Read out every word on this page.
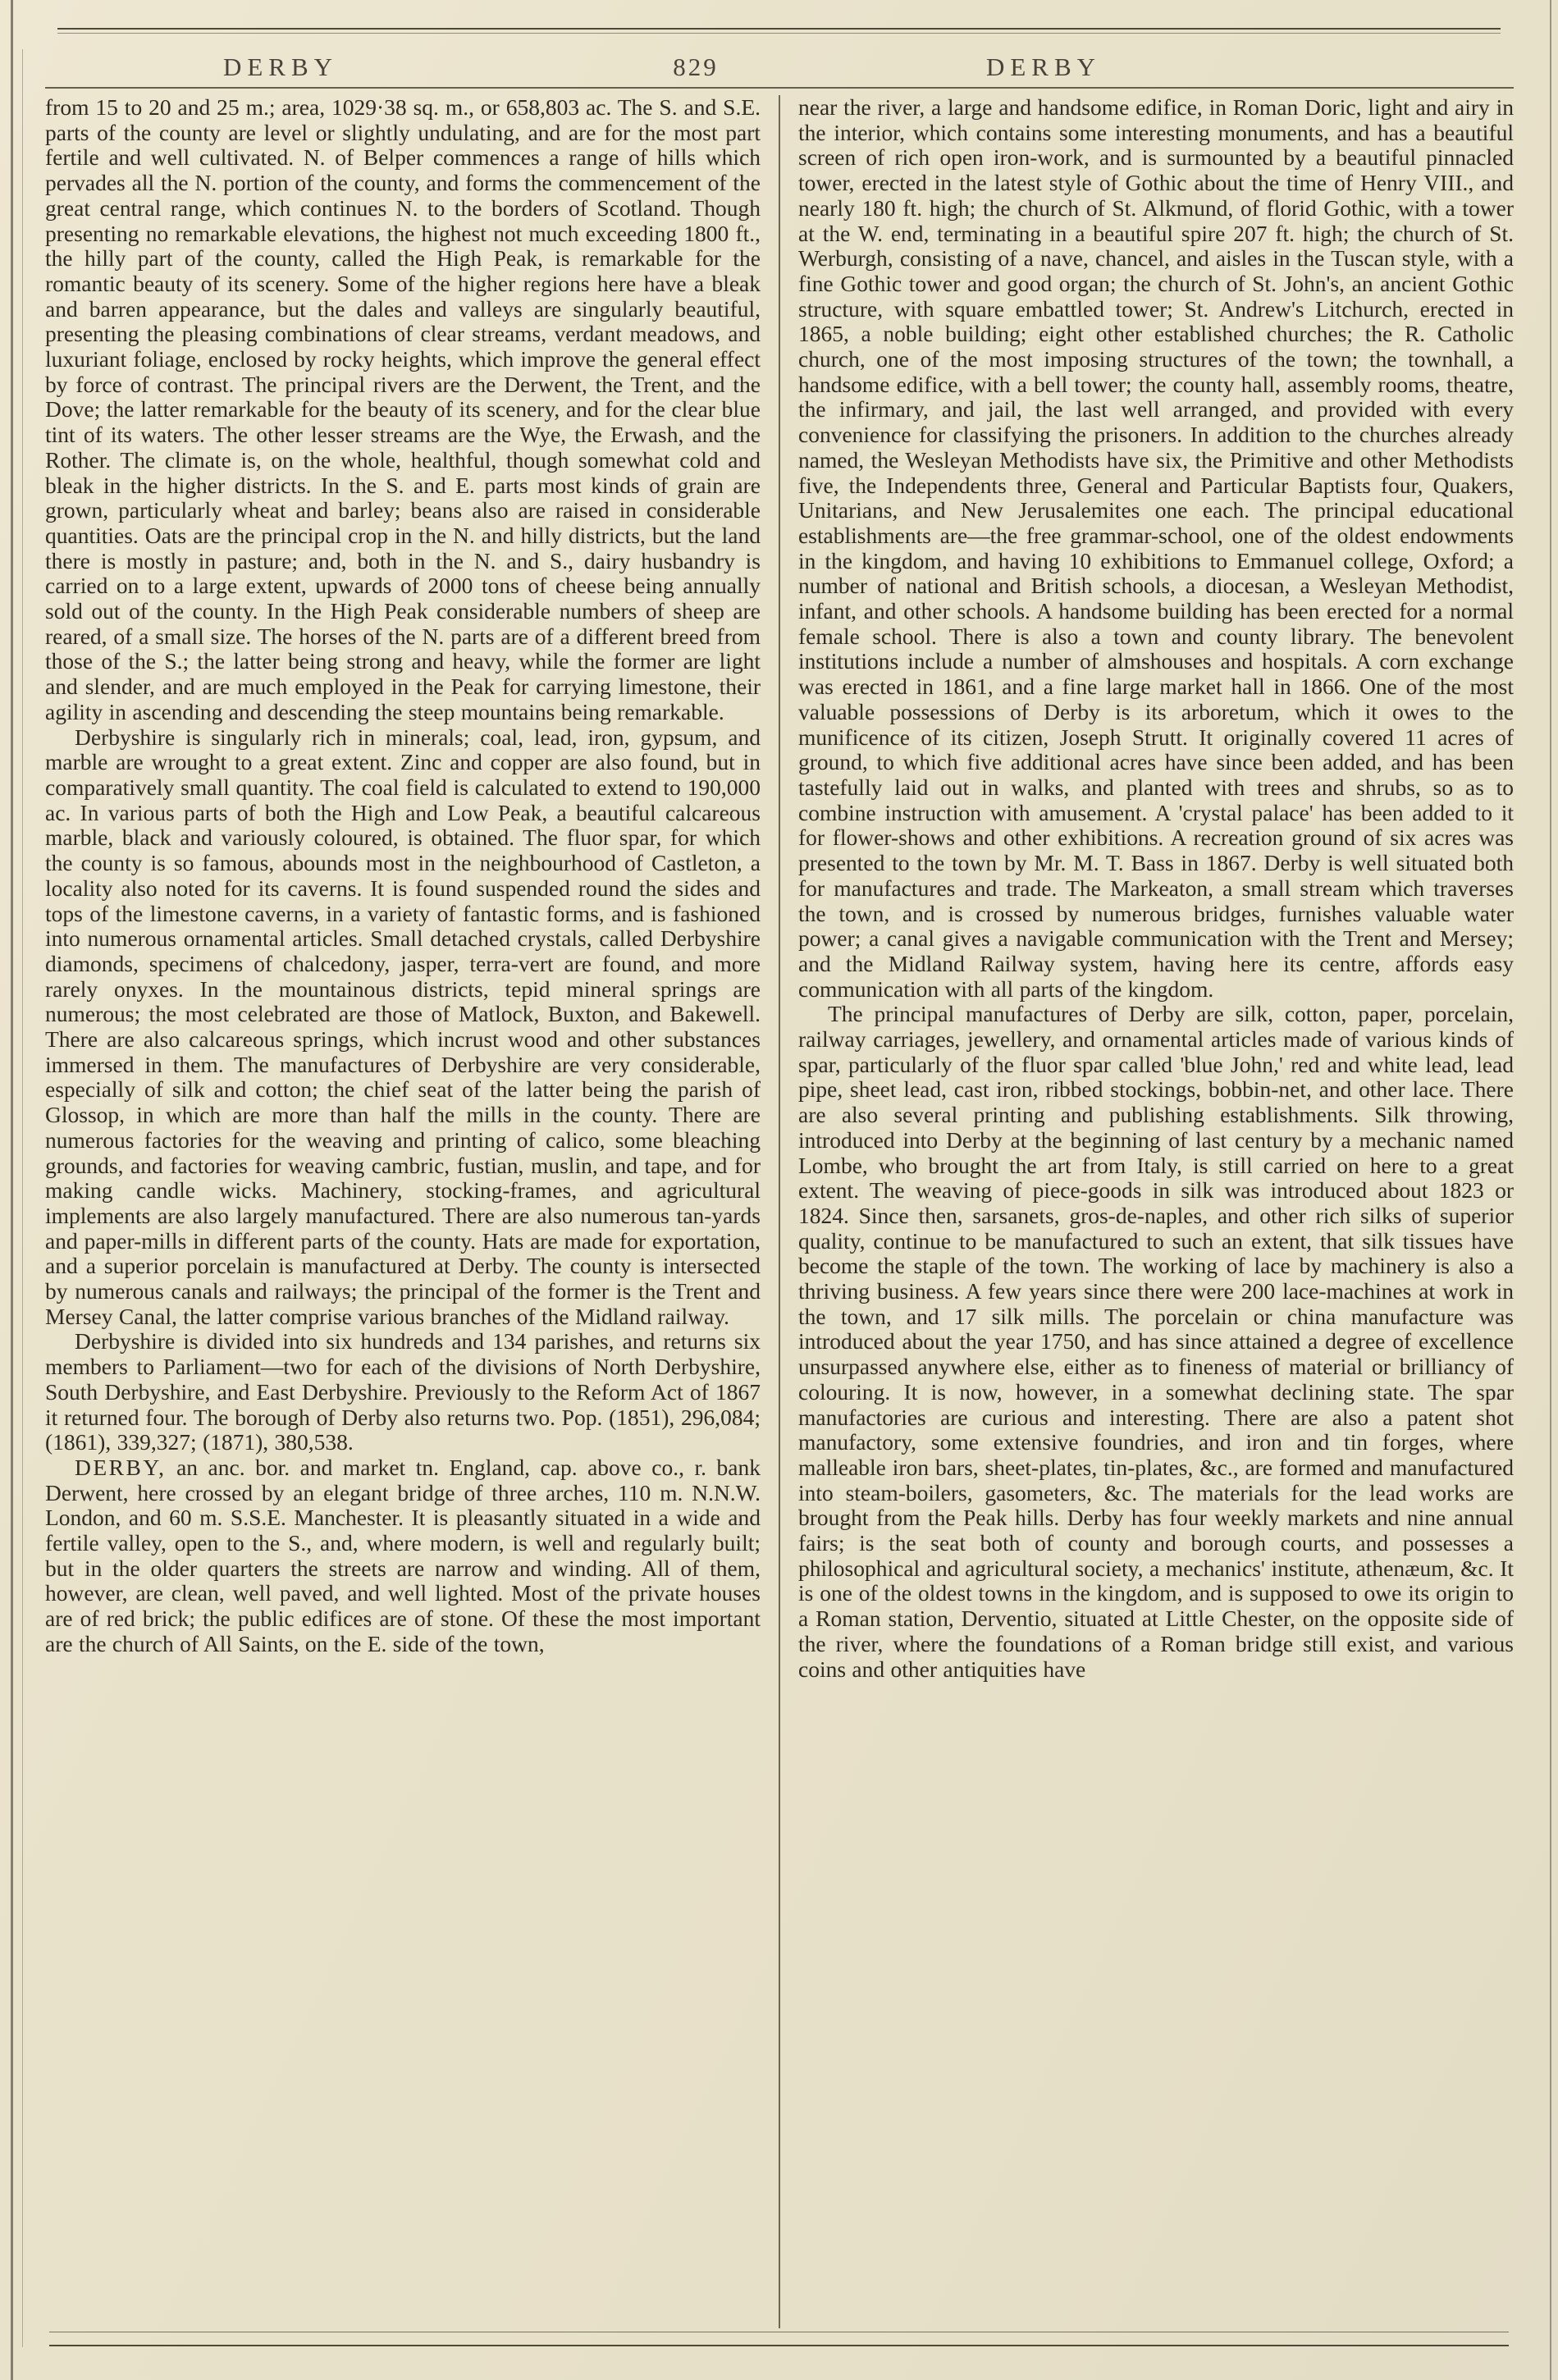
DERBY	829	DERBY

from 15 to 20 and 25 m.; area, 1029·38 sq. m., or 658,803 ac. The S. and S.E. parts of the county are level or slightly undulating, and are for the most part fertile and well cultivated. N. of Belper commences a range of hills which pervades all the N. portion of the county, and forms the commencement of the great central range, which continues N. to the borders of Scotland. Though presenting no remarkable elevations, the highest not much exceeding 1800 ft., the hilly part of the county, called the High Peak, is remarkable for the romantic beauty of its scenery. Some of the higher regions here have a bleak and barren appearance, but the dales and valleys are singularly beautiful, presenting the pleasing combinations of clear streams, verdant meadows, and luxuriant foliage, enclosed by rocky heights, which improve the general effect by force of contrast. The principal rivers are the Derwent, the Trent, and the Dove; the latter remarkable for the beauty of its scenery, and for the clear blue tint of its waters. The other lesser streams are the Wye, the Erwash, and the Rother. The climate is, on the whole, healthful, though somewhat cold and bleak in the higher districts. In the S. and E. parts most kinds of grain are grown, particularly wheat and barley; beans also are raised in considerable quantities. Oats are the principal crop in the N. and hilly districts, but the land there is mostly in pasture; and, both in the N. and S., dairy husbandry is carried on to a large extent, upwards of 2000 tons of cheese being annually sold out of the county. In the High Peak considerable numbers of sheep are reared, of a small size. The horses of the N. parts are of a different breed from those of the S.; the latter being strong and heavy, while the former are light and slender, and are much employed in the Peak for carrying limestone, their agility in ascending and descending the steep mountains being remarkable.

Derbyshire is singularly rich in minerals; coal, lead, iron, gypsum, and marble are wrought to a great extent. Zinc and copper are also found, but in comparatively small quantity. The coal field is calculated to extend to 190,000 ac. In various parts of both the High and Low Peak, a beautiful calcareous marble, black and variously coloured, is obtained. The fluor spar, for which the county is so famous, abounds most in the neighbourhood of Castleton, a locality also noted for its caverns. It is found suspended round the sides and tops of the limestone caverns, in a variety of fantastic forms, and is fashioned into numerous ornamental articles. Small detached crystals, called Derbyshire diamonds, specimens of chalcedony, jasper, terra-vert are found, and more rarely onyxes. In the mountainous districts, tepid mineral springs are numerous; the most celebrated are those of Matlock, Buxton, and Bakewell. There are also calcareous springs, which incrust wood and other substances immersed in them. The manufactures of Derbyshire are very considerable, especially of silk and cotton; the chief seat of the latter being the parish of Glossop, in which are more than half the mills in the county. There are numerous factories for the weaving and printing of calico, some bleaching grounds, and factories for weaving cambric, fustian, muslin, and tape, and for making candle wicks. Machinery, stocking-frames, and agricultural implements are also largely manufactured. There are also numerous tan-yards and paper-mills in different parts of the county. Hats are made for exportation, and a superior porcelain is manufactured at Derby. The county is intersected by numerous canals and railways; the principal of the former is the Trent and Mersey Canal, the latter comprise various branches of the Midland railway.

Derbyshire is divided into six hundreds and 134 parishes, and returns six members to Parliament—two for each of the divisions of North Derbyshire, South Derbyshire, and East Derbyshire. Previously to the Reform Act of 1867 it returned four. The borough of Derby also returns two. Pop. (1851), 296,084; (1861), 339,327; (1871), 380,538.

DERBY, an anc. bor. and market tn. England, cap. above co., r. bank Derwent, here crossed by an elegant bridge of three arches, 110 m. N.N.W. London, and 60 m. S.S.E. Manchester. It is pleasantly situated in a wide and fertile valley, open to the S., and, where modern, is well and regularly built; but in the older quarters the streets are narrow and winding. All of them, however, are clean, well paved, and well lighted. Most of the private houses are of red brick; the public edifices are of stone. Of these the most important are the church of All Saints, on the E. side of the town,

near the river, a large and handsome edifice, in Roman Doric, light and airy in the interior, which contains some interesting monuments, and has a beautiful screen of rich open iron-work, and is surmounted by a beautiful pinnacled tower, erected in the latest style of Gothic about the time of Henry VIII., and nearly 180 ft. high; the church of St. Alkmund, of florid Gothic, with a tower at the W. end, terminating in a beautiful spire 207 ft. high; the church of St. Werburgh, consisting of a nave, chancel, and aisles in the Tuscan style, with a fine Gothic tower and good organ; the church of St. John's, an ancient Gothic structure, with square embattled tower; St. Andrew's Litchurch, erected in 1865, a noble building; eight other established churches; the R. Catholic church, one of the most imposing structures of the town; the townhall, a handsome edifice, with a bell tower; the county hall, assembly rooms, theatre, the infirmary, and jail, the last well arranged, and provided with every convenience for classifying the prisoners. In addition to the churches already named, the Wesleyan Methodists have six, the Primitive and other Methodists five, the Independents three, General and Particular Baptists four, Quakers, Unitarians, and New Jerusalemites one each. The principal educational establishments are—the free grammar-school, one of the oldest endowments in the kingdom, and having 10 exhibitions to Emmanuel college, Oxford; a number of national and British schools, a diocesan, a Wesleyan Methodist, infant, and other schools. A handsome building has been erected for a normal female school. There is also a town and county library. The benevolent institutions include a number of almshouses and hospitals. A corn exchange was erected in 1861, and a fine large market hall in 1866. One of the most valuable possessions of Derby is its arboretum, which it owes to the munificence of its citizen, Joseph Strutt. It originally covered 11 acres of ground, to which five additional acres have since been added, and has been tastefully laid out in walks, and planted with trees and shrubs, so as to combine instruction with amusement. A 'crystal palace' has been added to it for flower-shows and other exhibitions. A recreation ground of six acres was presented to the town by Mr. M. T. Bass in 1867. Derby is well situated both for manufactures and trade. The Markeaton, a small stream which traverses the town, and is crossed by numerous bridges, furnishes valuable water power; a canal gives a navigable communication with the Trent and Mersey; and the Midland Railway system, having here its centre, affords easy communication with all parts of the kingdom.

The principal manufactures of Derby are silk, cotton, paper, porcelain, railway carriages, jewellery, and ornamental articles made of various kinds of spar, particularly of the fluor spar called 'blue John,' red and white lead, lead pipe, sheet lead, cast iron, ribbed stockings, bobbin-net, and other lace. There are also several printing and publishing establishments. Silk throwing, introduced into Derby at the beginning of last century by a mechanic named Lombe, who brought the art from Italy, is still carried on here to a great extent. The weaving of piece-goods in silk was introduced about 1823 or 1824. Since then, sarsanets, gros-de-naples, and other rich silks of superior quality, continue to be manufactured to such an extent, that silk tissues have become the staple of the town. The working of lace by machinery is also a thriving business. A few years since there were 200 lace-machines at work in the town, and 17 silk mills. The porcelain or china manufacture was introduced about the year 1750, and has since attained a degree of excellence unsurpassed anywhere else, either as to fineness of material or brilliancy of colouring. It is now, however, in a somewhat declining state. The spar manufactories are curious and interesting. There are also a patent shot manufactory, some extensive foundries, and iron and tin forges, where malleable iron bars, sheet-plates, tin-plates, &c., are formed and manufactured into steam-boilers, gasometers, &c. The materials for the lead works are brought from the Peak hills. Derby has four weekly markets and nine annual fairs; is the seat both of county and borough courts, and possesses a philosophical and agricultural society, a mechanics' institute, athenæum, &c. It is one of the oldest towns in the kingdom, and is supposed to owe its origin to a Roman station, Derventio, situated at Little Chester, on the opposite side of the river, where the foundations of a Roman bridge still exist, and various coins and other antiquities have
